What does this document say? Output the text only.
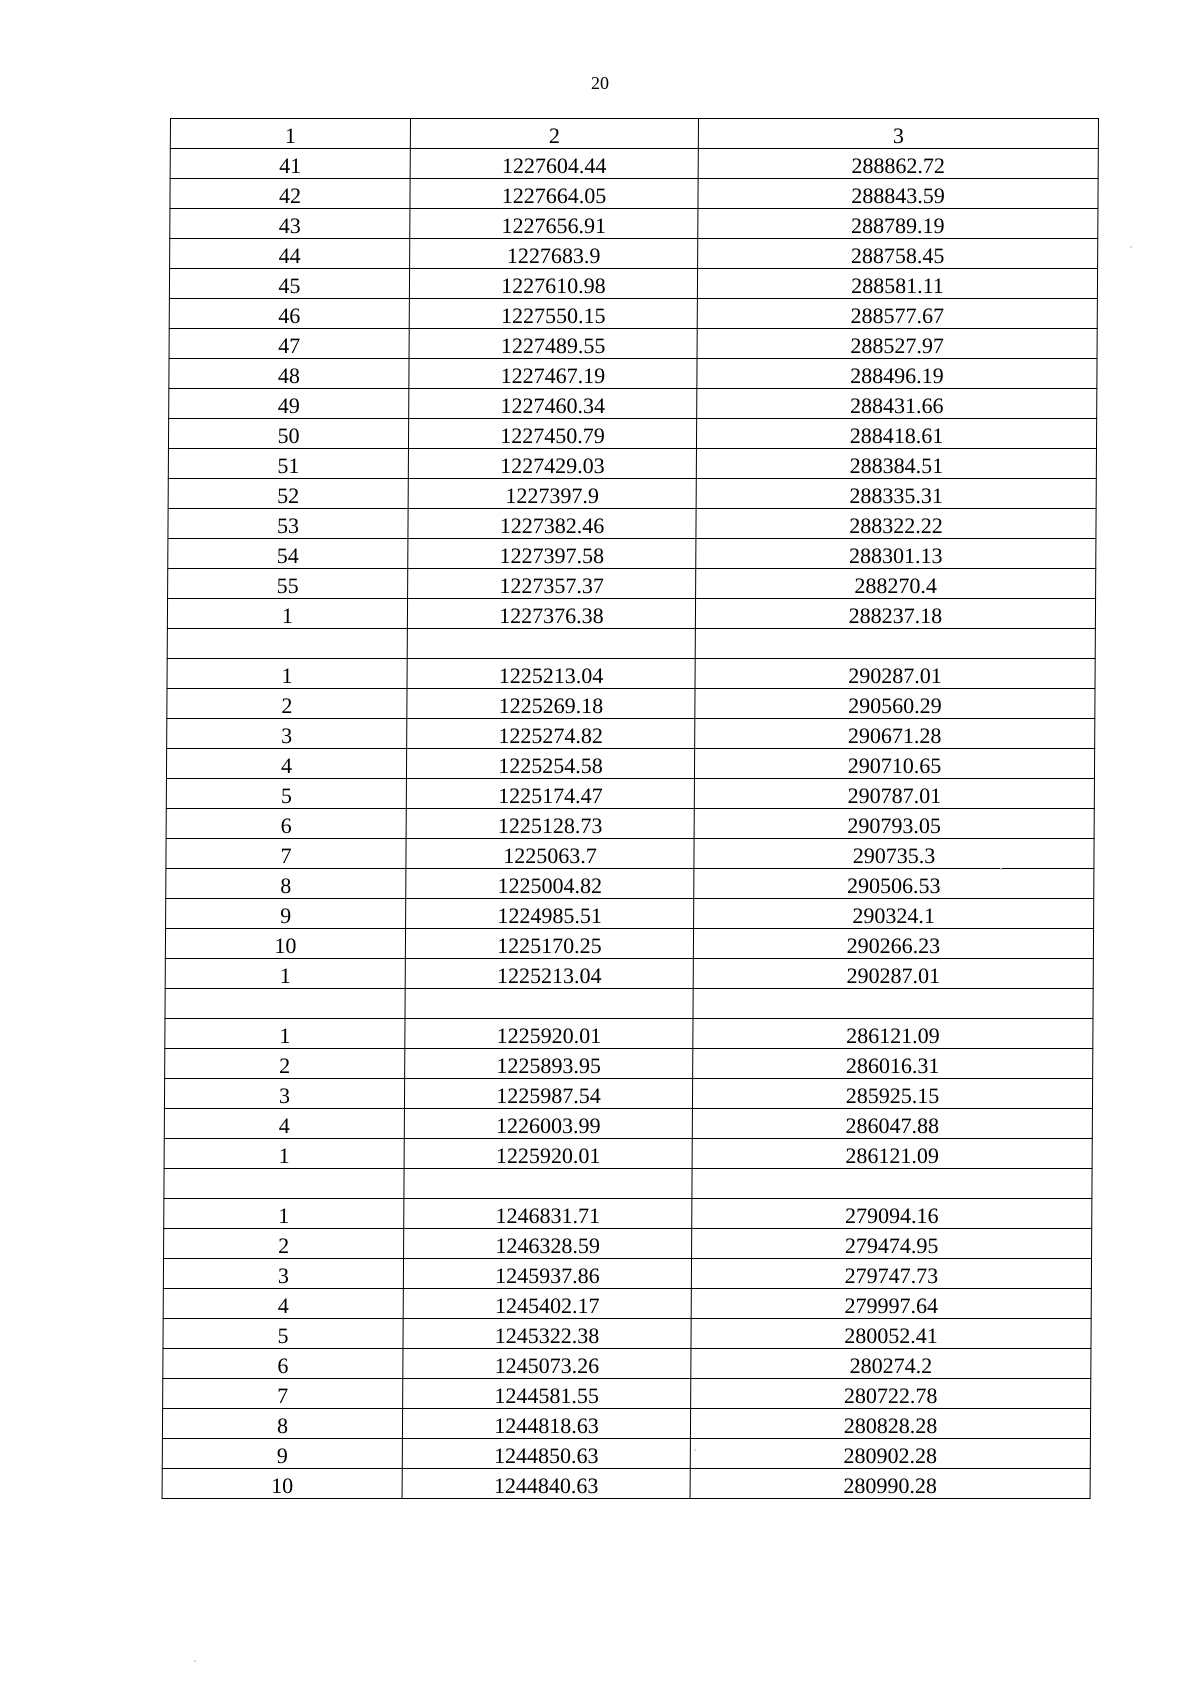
20
1	2	3
41	1227604.44	288862.72
42	1227664.05	288843.59
43	1227656.91	288789.19
44	1227683.9	288758.45
45	1227610.98	288581.11
46	1227550.15	288577.67
47	1227489.55	288527.97
48	1227467.19	288496.19
49	1227460.34	288431.66
50	1227450.79	288418.61
51	1227429.03	288384.51
52	1227397.9	288335.31
53	1227382.46	288322.22
54	1227397.58	288301.13
55	1227357.37	288270.4
1	1227376.38	288237.18

1	1225213.04	290287.01
2	1225269.18	290560.29
3	1225274.82	290671.28
4	1225254.58	290710.65
5	1225174.47	290787.01
6	1225128.73	290793.05
7	1225063.7	290735.3
8	1225004.82	290506.53
9	1224985.51	290324.1
10	1225170.25	290266.23
1	1225213.04	290287.01

1	1225920.01	286121.09
2	1225893.95	286016.31
3	1225987.54	285925.15
4	1226003.99	286047.88
1	1225920.01	286121.09

1	1246831.71	279094.16
2	1246328.59	279474.95
3	1245937.86	279747.73
4	1245402.17	279997.64
5	1245322.38	280052.41
6	1245073.26	280274.2
7	1244581.55	280722.78
8	1244818.63	280828.28
9	1244850.63	280902.28
10	1244840.63	280990.28
